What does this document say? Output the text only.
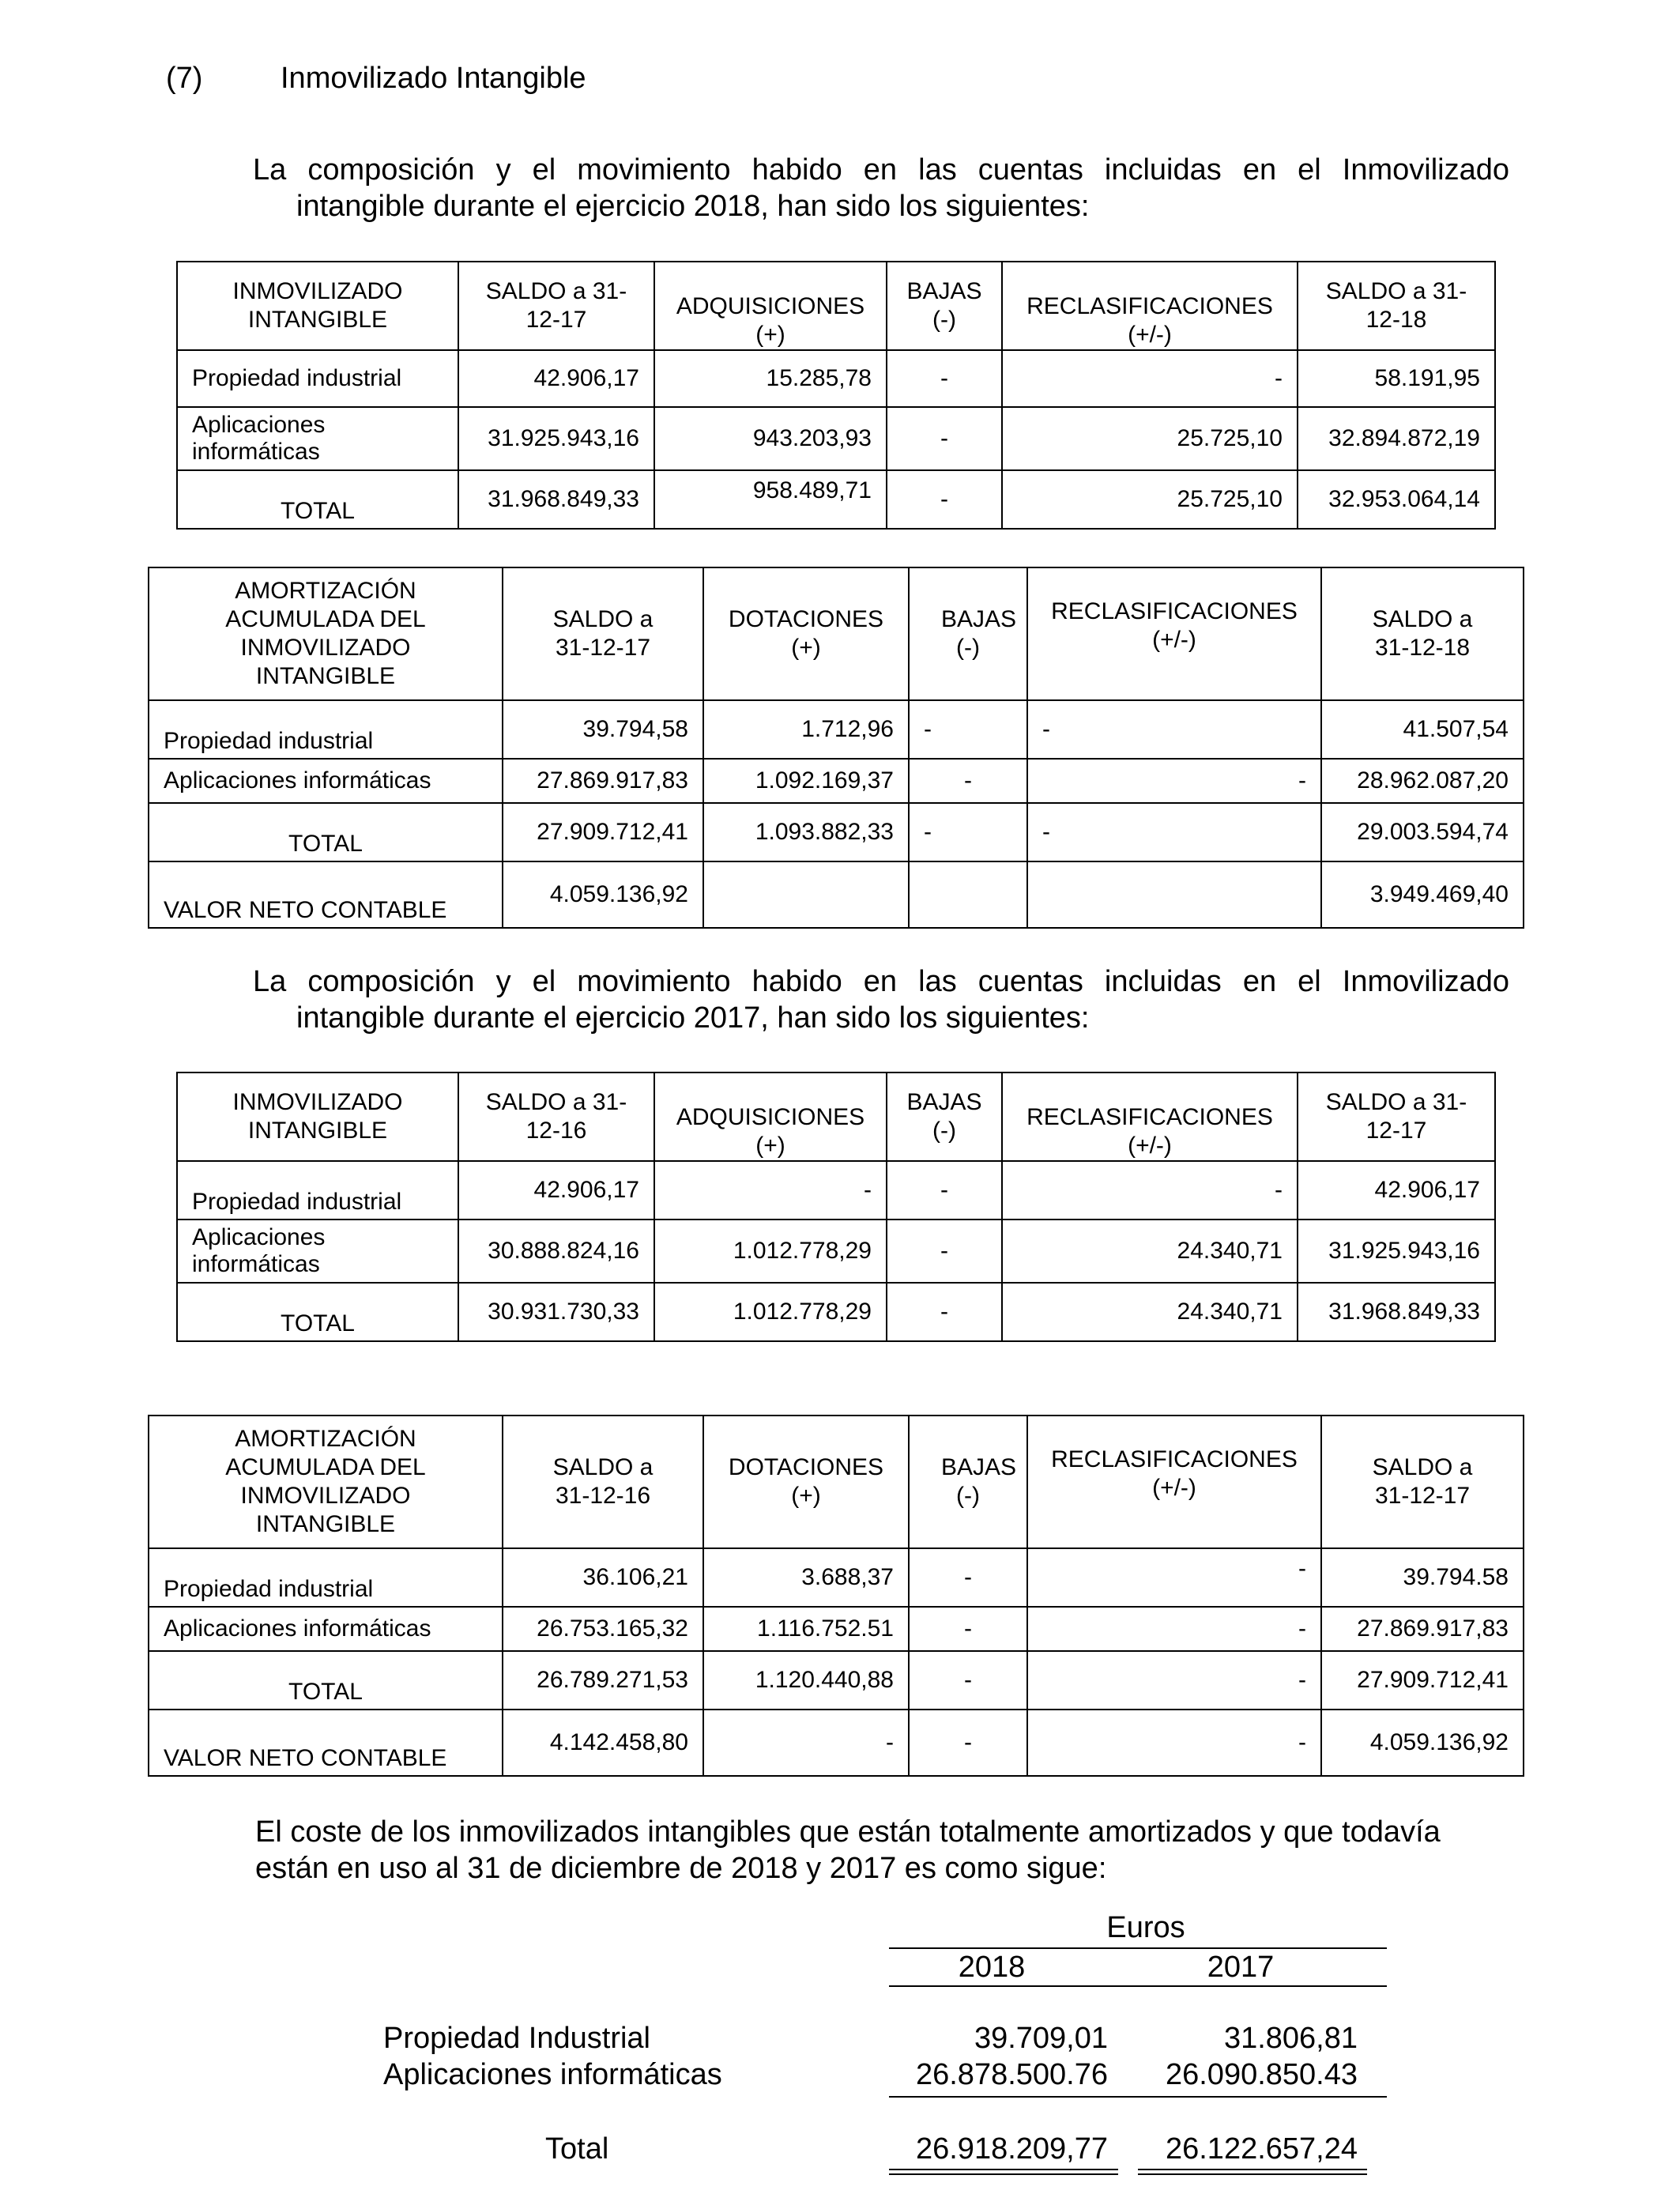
(7)	Inmovilizado Intangible
La composición y el movimiento habido en las cuentas incluidas en el Inmovilizado
intangible durante el ejercicio 2018, han sido los siguientes:
INMOVILIZADO INTANGIBLE	SALDO a 31-12-17	ADQUISICIONES (+)	BAJAS (-)	RECLASIFICACIONES (+/-)	SALDO a 31-12-18
Propiedad industrial	42.906,17	15.285,78	-	-	58.191,95
Aplicaciones informáticas	31.925.943,16	943.203,93	-	25.725,10	32.894.872,19
TOTAL	31.968.849,33	958.489,71	-	25.725,10	32.953.064,14
AMORTIZACIÓN ACUMULADA DEL INMOVILIZADO INTANGIBLE	SALDO a 31-12-17	DOTACIONES (+)	BAJAS (-)	RECLASIFICACIONES (+/-)	SALDO a 31-12-18
Propiedad industrial	39.794,58	1.712,96	-	-	41.507,54
Aplicaciones informáticas	27.869.917,83	1.092.169,37	-	-	28.962.087,20
TOTAL	27.909.712,41	1.093.882,33	-	-	29.003.594,74
VALOR NETO CONTABLE	4.059.136,92				3.949.469,40
La composición y el movimiento habido en las cuentas incluidas en el Inmovilizado
intangible durante el ejercicio 2017, han sido los siguientes:
INMOVILIZADO INTANGIBLE	SALDO a 31-12-16	ADQUISICIONES (+)	BAJAS (-)	RECLASIFICACIONES (+/-)	SALDO a 31-12-17
Propiedad industrial	42.906,17	-	-	-	42.906,17
Aplicaciones informáticas	30.888.824,16	1.012.778,29	-	24.340,71	31.925.943,16
TOTAL	30.931.730,33	1.012.778,29	-	24.340,71	31.968.849,33
AMORTIZACIÓN ACUMULADA DEL INMOVILIZADO INTANGIBLE	SALDO a 31-12-16	DOTACIONES (+)	BAJAS (-)	RECLASIFICACIONES (+/-)	SALDO a 31-12-17
Propiedad industrial	36.106,21	3.688,37	-	-	39.794.58
Aplicaciones informáticas	26.753.165,32	1.116.752.51	-	-	27.869.917,83
TOTAL	26.789.271,53	1.120.440,88	-	-	27.909.712,41
VALOR NETO CONTABLE	4.142.458,80	-	-	-	4.059.136,92
El coste de los inmovilizados intangibles que están totalmente amortizados y que todavía
están en uso al 31 de diciembre de 2018 y 2017 es como sigue:
Euros
2018	2017
Propiedad Industrial	39.709,01	31.806,81
Aplicaciones informáticas	26.878.500.76	26.090.850.43
Total	26.918.209,77	26.122.657,24
